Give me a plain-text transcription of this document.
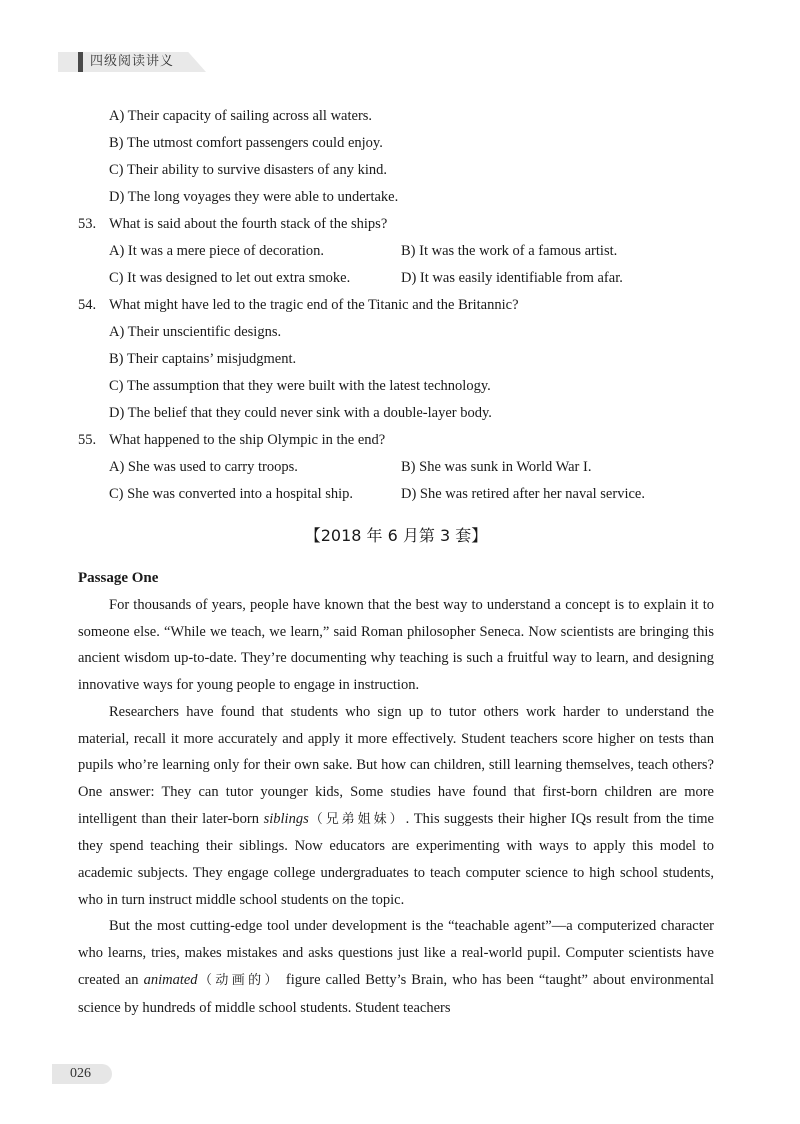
四级阅读讲义
A) Their capacity of sailing across all waters.
B) The utmost comfort passengers could enjoy.
C) Their ability to survive disasters of any kind.
D) The long voyages they were able to undertake.
53. What is said about the fourth stack of the ships?
A) It was a mere piece of decoration.	B) It was the work of a famous artist.
C) It was designed to let out extra smoke.	D) It was easily identifiable from afar.
54. What might have led to the tragic end of the Titanic and the Britannic?
A) Their unscientific designs.
B) Their captains’ misjudgment.
C) The assumption that they were built with the latest technology.
D) The belief that they could never sink with a double-layer body.
55. What happened to the ship Olympic in the end?
A) She was used to carry troops.	B) She was sunk in World War I.
C) She was converted into a hospital ship.	D) She was retired after her naval service.
【2018 年 6 月第 3 套】
Passage One

For thousands of years, people have known that the best way to understand a concept is to explain it to someone else. “While we teach, we learn,” said Roman philosopher Seneca. Now scientists are bringing this ancient wisdom up-to-date. They’re documenting why teaching is such a fruitful way to learn, and designing innovative ways for young people to engage in instruction.

Researchers have found that students who sign up to tutor others work harder to understand the material, recall it more accurately and apply it more effectively. Student teachers score higher on tests than pupils who’re learning only for their own sake. But how can children, still learning themselves, teach others? One answer: They can tutor younger kids, Some studies have found that first-born children are more intelligent than their later-born siblings（兄弟姐妹）. This suggests their higher IQs result from the time they spend teaching their siblings. Now educators are experimenting with ways to apply this model to academic subjects. They engage college undergraduates to teach computer science to high school students, who in turn instruct middle school students on the topic.

But the most cutting-edge tool under development is the “teachable agent”—a computerized character who learns, tries, makes mistakes and asks questions just like a real-world pupil. Computer scientists have created an animated（动画的） figure called Betty’s Brain, who has been “taught” about environmental science by hundreds of middle school students. Student teachers

026
